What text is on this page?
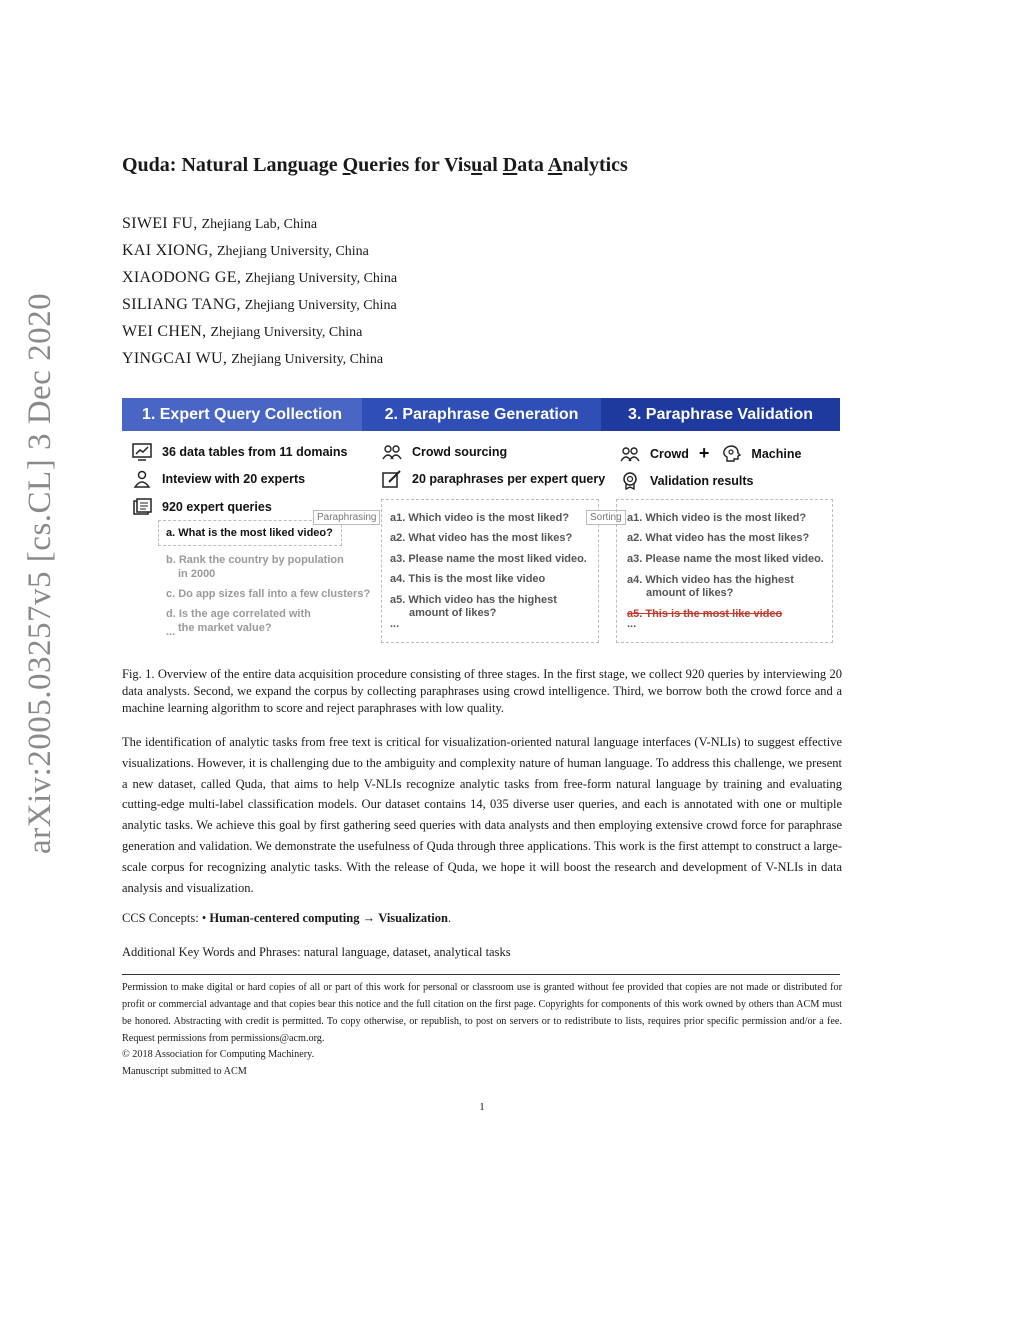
arXiv:2005.03257v5 [cs.CL] 3 Dec 2020
Quda: Natural Language Queries for Visual Data Analytics
SIWEI FU, Zhejiang Lab, China
KAI XIONG, Zhejiang University, China
XIAODONG GE, Zhejiang University, China
SILIANG TANG, Zhejiang University, China
WEI CHEN, Zhejiang University, China
YINGCAI WU, Zhejiang University, China
1. Expert Query Collection	2. Paraphrase Generation	3. Paraphrase Validation
36 data tables from 11 domains
Inteview with 20 experts
920 expert queries
Paraphrasing
a. What is the most liked video?
b. Rank the country by population
in 2000
c. Do app sizes fall into a few clusters?
d. Is the age correlated with
the market value?
...
Crowd sourcing
20 paraphrases per expert query
Sorting
a1. Which video is the most liked?
a2. What video has the most likes?
a3. Please name the most liked video.
a4. This is the most like video
a5. Which video has the highest
amount of likes?
...
Crowd +	Machine
Validation results
a1. Which video is the most liked?
a2. What video has the most likes?
a3. Please name the most liked video.
a4. Which video has the highest
amount of likes?
a5. This is the most like video
...
Fig. 1. Overview of the entire data acquisition procedure consisting of three stages. In the first stage, we collect 920 queries by interviewing 20 data analysts. Second, we expand the corpus by collecting paraphrases using crowd intelligence. Third, we borrow both the crowd force and a machine learning algorithm to score and reject paraphrases with low quality.
The identification of analytic tasks from free text is critical for visualization-oriented natural language interfaces (V-NLIs) to suggest effective visualizations. However, it is challenging due to the ambiguity and complexity nature of human language. To address this challenge, we present a new dataset, called Quda, that aims to help V-NLIs recognize analytic tasks from free-form natural language by training and evaluating cutting-edge multi-label classification models. Our dataset contains 14, 035 diverse user queries, and each is annotated with one or multiple analytic tasks. We achieve this goal by first gathering seed queries with data analysts and then employing extensive crowd force for paraphrase generation and validation. We demonstrate the usefulness of Quda through three applications. This work is the first attempt to construct a large-scale corpus for recognizing analytic tasks. With the release of Quda, we hope it will boost the research and development of V-NLIs in data analysis and visualization.
CCS Concepts: • Human-centered computing → Visualization.
Additional Key Words and Phrases: natural language, dataset, analytical tasks
Permission to make digital or hard copies of all or part of this work for personal or classroom use is granted without fee provided that copies are not made or distributed for profit or commercial advantage and that copies bear this notice and the full citation on the first page. Copyrights for components of this work owned by others than ACM must be honored. Abstracting with credit is permitted. To copy otherwise, or republish, to post on servers or to redistribute to lists, requires prior specific permission and/or a fee. Request permissions from permissions@acm.org.
© 2018 Association for Computing Machinery.
Manuscript submitted to ACM
1
